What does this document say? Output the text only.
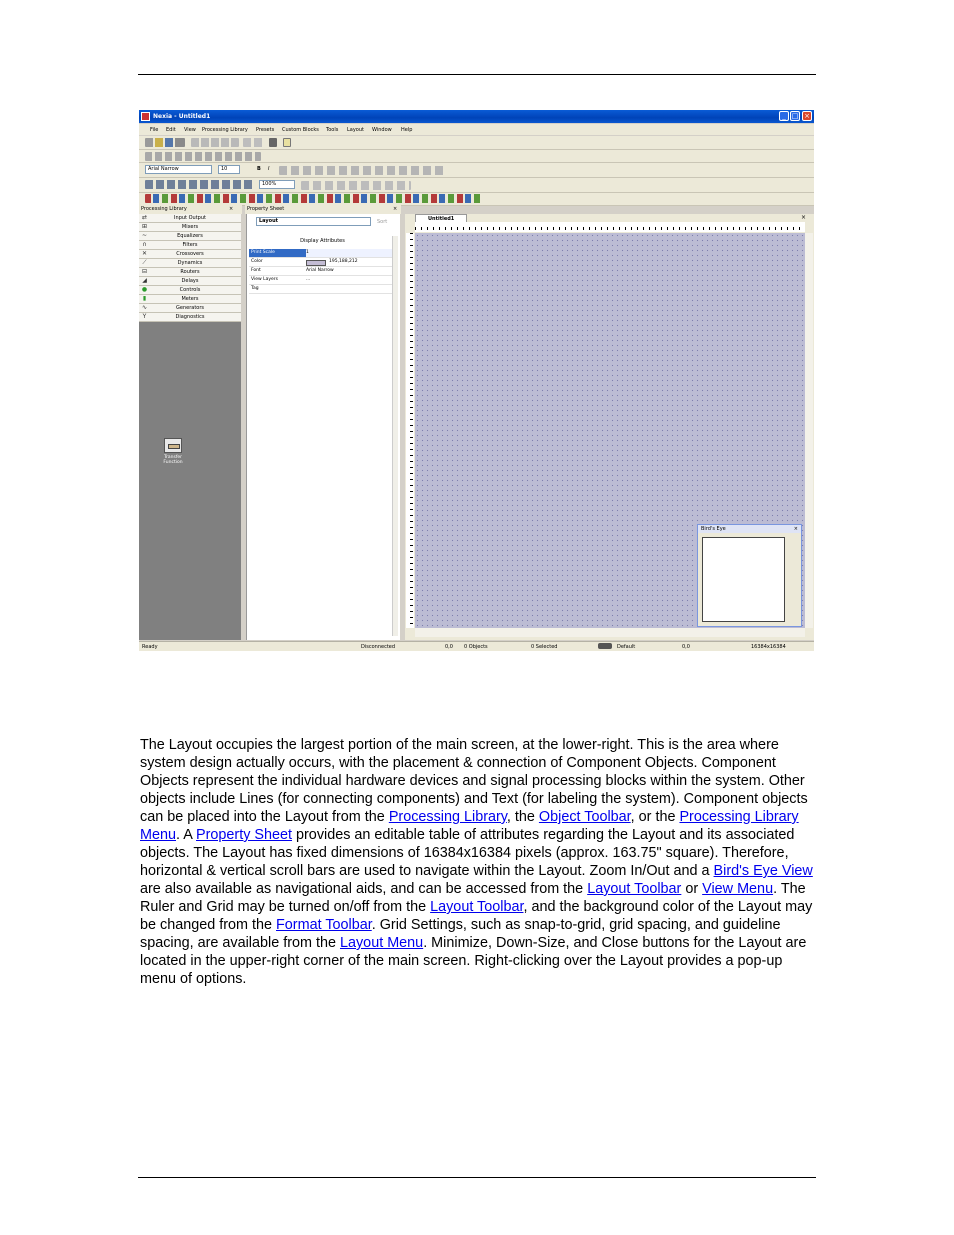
Nexia - Untitled1	_ □ ×
File Edit View Processing Library Presets Custom Blocks Tools Layout Window Help
Arial Narrow	10	B I
100%
Processing Library	×
⇄	Input Output
⊞	Mixers
~	Equalizers
∩	Filters
✕	Crossovers
⟋	Dynamics
⊟	Routers
◢	Delays
●	Controls
▮	Meters
∿	Generators
Y	Diagnostics
Transfer Function
Property Sheet	×
Layout	Sort
Display Attributes
Print Scale	1
Color	195,188,212
Font	Arial Narrow
View Layers	...
Tag
Untitled1	×
Bird's Eye	×
Ready	Disconnected	0,0 0 Objects	0 Selected	Default	0,0	16384x16384

The Layout occupies the largest portion of the main screen, at the lower-right. This is the area where system design actually occurs, with the placement & connection of Component Objects. Component Objects represent the individual hardware devices and signal processing blocks within the system. Other objects include Lines (for connecting components) and Text (for labeling the system). Component objects can be placed into the Layout from the Processing Library, the Object Toolbar, or the Processing Library Menu. A Property Sheet provides an editable table of attributes regarding the Layout and its associated objects. The Layout has fixed dimensions of 16384x16384 pixels (approx. 163.75" square). Therefore, horizontal & vertical scroll bars are used to navigate within the Layout. Zoom In/Out and a Bird's Eye View are also available as navigational aids, and can be accessed from the Layout Toolbar or View Menu. The Ruler and Grid may be turned on/off from the Layout Toolbar, and the background color of the Layout may be changed from the Format Toolbar. Grid Settings, such as snap-to-grid, grid spacing, and guideline spacing, are available from the Layout Menu. Minimize, Down-Size, and Close buttons for the Layout are located in the upper-right corner of the main screen. Right-clicking over the Layout provides a pop-up menu of options.
